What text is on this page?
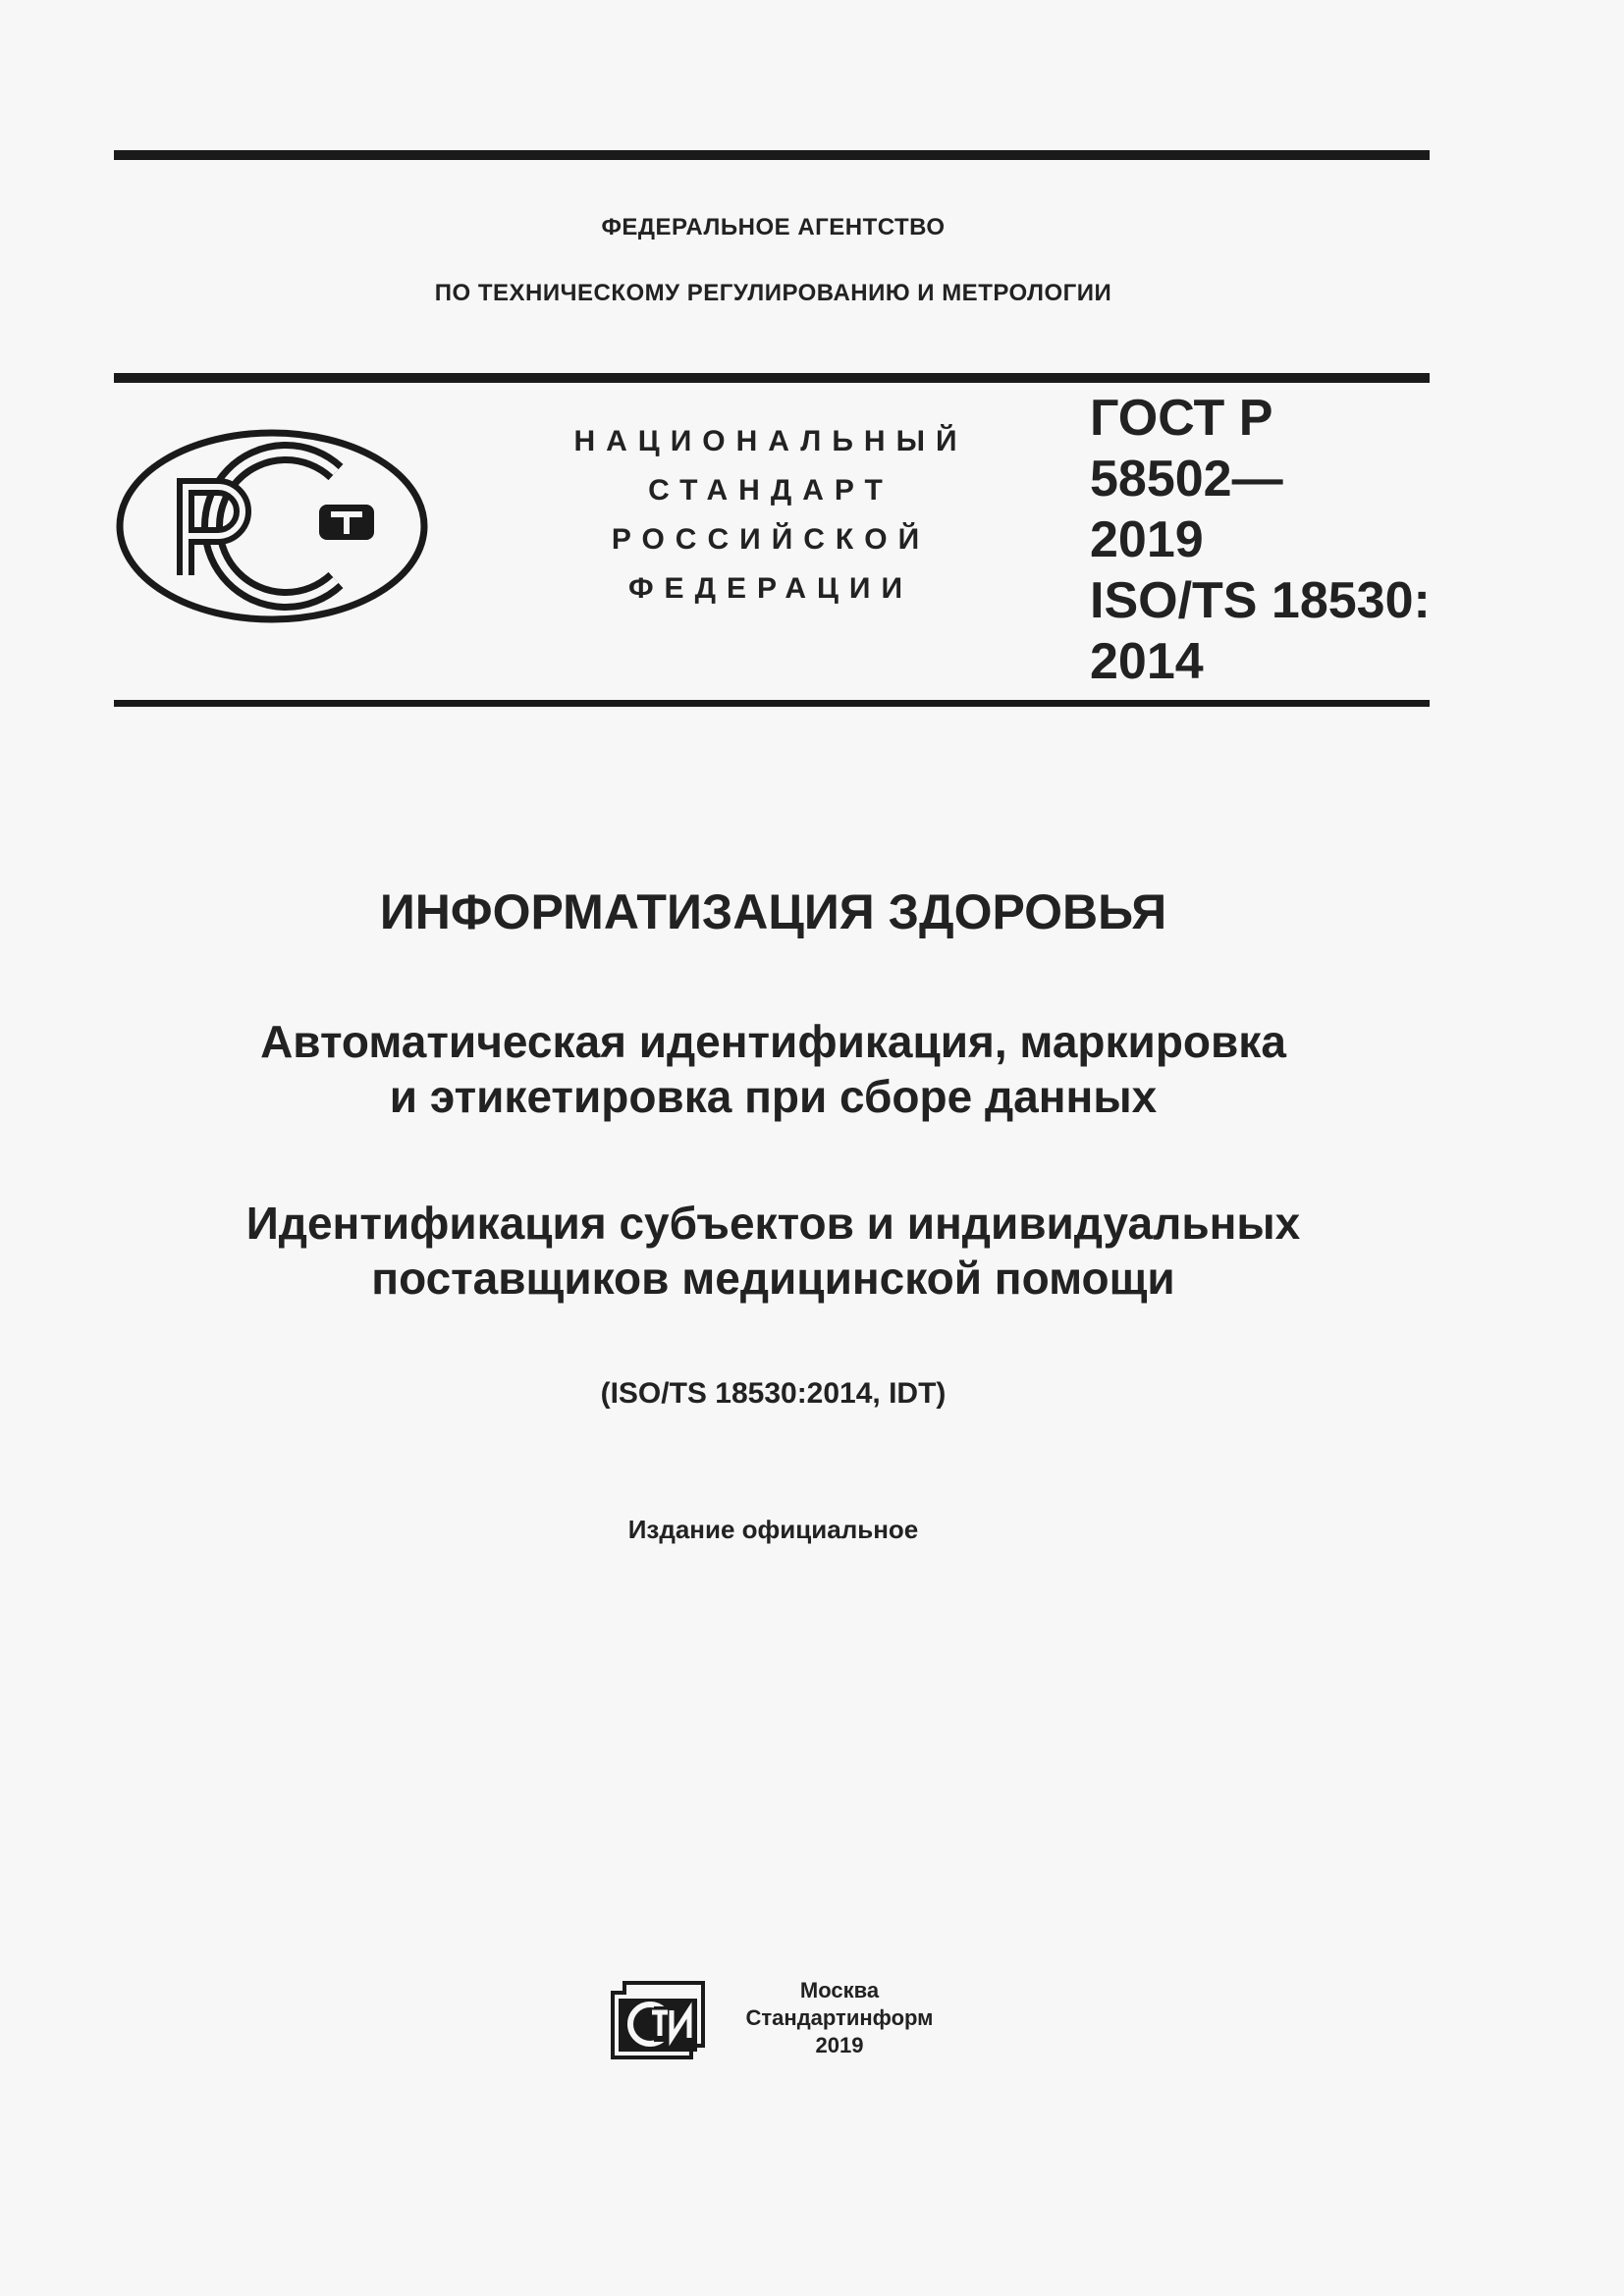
ФЕДЕРАЛЬНОЕ АГЕНТСТВО
ПО ТЕХНИЧЕСКОМУ РЕГУЛИРОВАНИЮ И МЕТРОЛОГИИ
НАЦИОНАЛЬНЫЙ
СТАНДАРТ
РОССИЙСКОЙ
ФЕДЕРАЦИИ
ГОСТ Р
58502—
2019
ISO/TS 18530:
2014
ИНФОРМАТИЗАЦИЯ ЗДОРОВЬЯ
Автоматическая идентификация, маркировка
и этикетировка при сборе данных
Идентификация субъектов и индивидуальных
поставщиков медицинской помощи
(ISO/TS 18530:2014, IDT)
Издание официальное
Москва
Стандартинформ
2019
